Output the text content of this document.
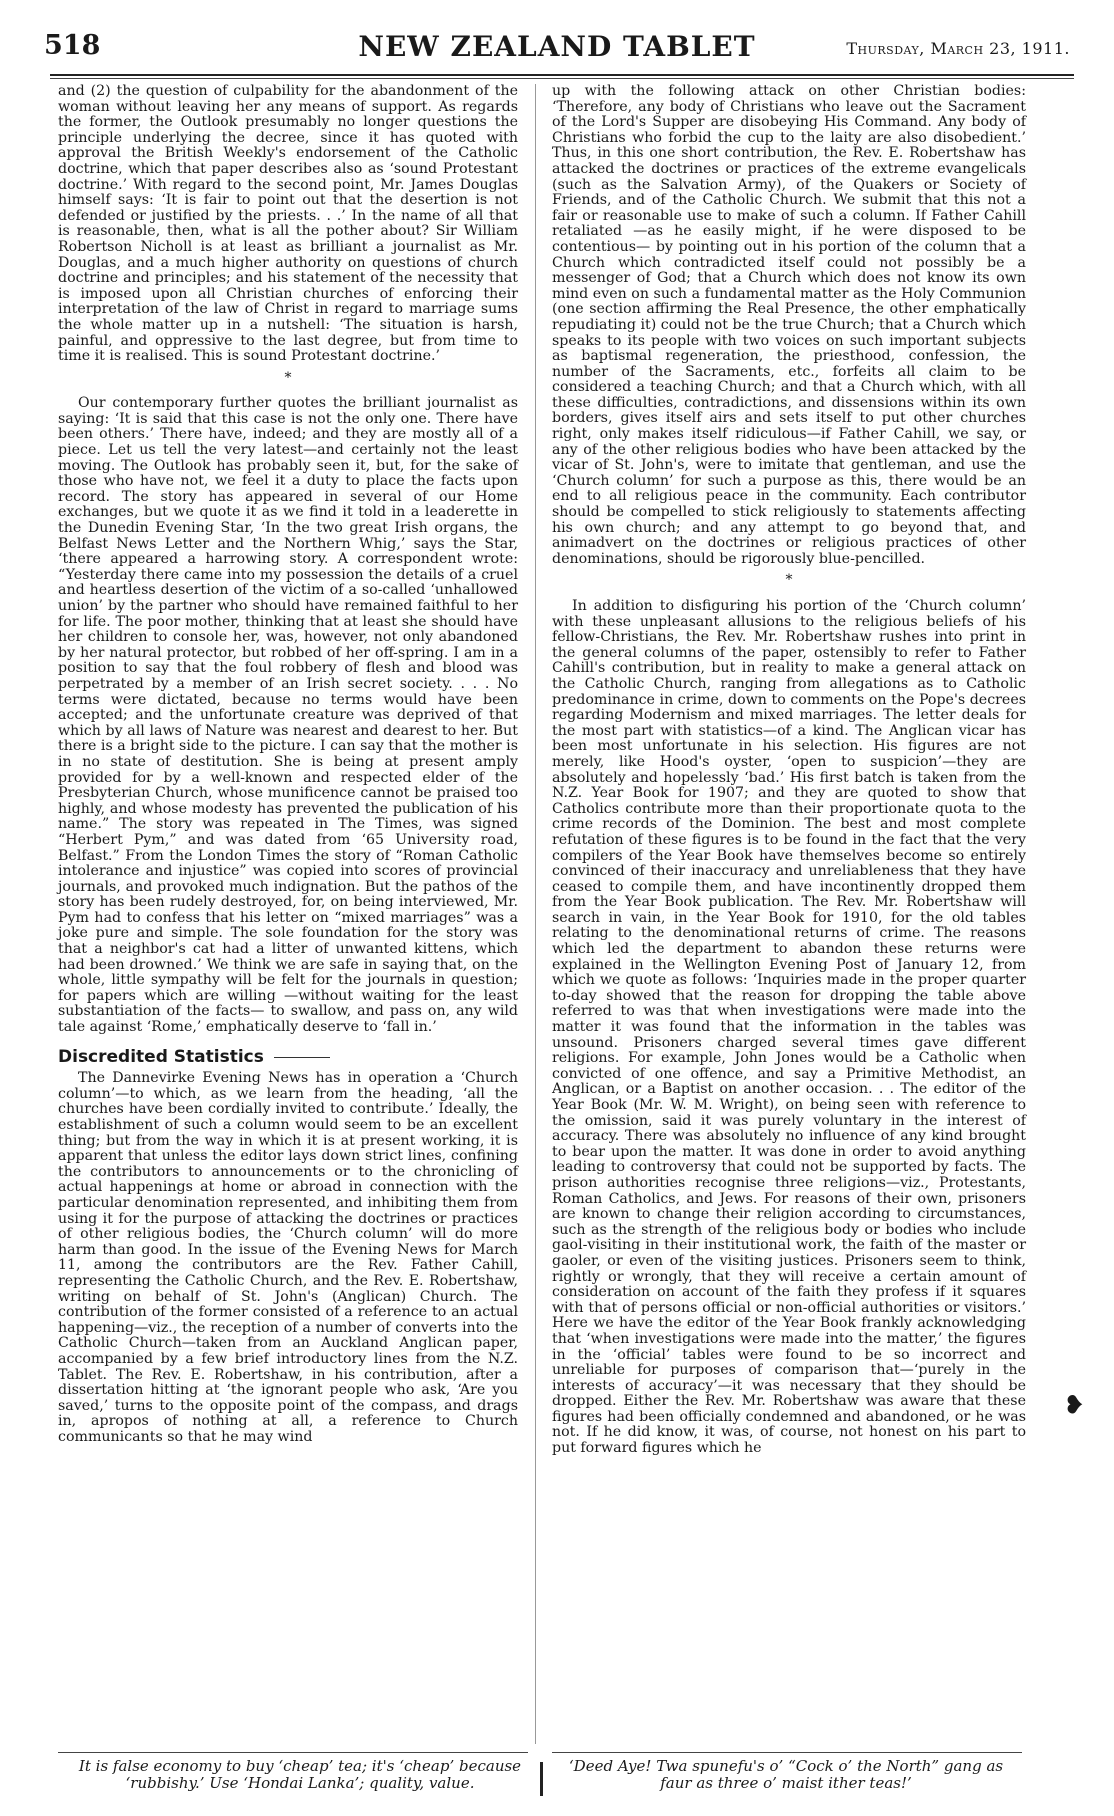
518	NEW ZEALAND TABLET	Thursday, March 23, 1911.

and (2) the question of culpability for the abandonment of the woman without leaving her any means of support. As regards the former, the Outlook presumably no longer questions the principle underlying the decree, since it has quoted with approval the British Weekly's endorsement of the Catholic doctrine, which that paper describes also as ‘sound Protestant doctrine.’ With regard to the second point, Mr. James Douglas himself says: ‘It is fair to point out that the desertion is not defended or justified by the priests. . .’ In the name of all that is reasonable, then, what is all the pother about? Sir William Robertson Nicholl is at least as brilliant a journalist as Mr. Douglas, and a much higher authority on questions of church doctrine and principles; and his statement of the necessity that is imposed upon all Christian churches of enforcing their interpretation of the law of Christ in regard to marriage sums the whole matter up in a nutshell: ‘The situation is harsh, painful, and oppressive to the last degree, but from time to time it is realised. This is sound Protestant doctrine.’

*

Our contemporary further quotes the brilliant journalist as saying: ‘It is said that this case is not the only one. There have been others.’ There have, indeed; and they are mostly all of a piece. Let us tell the very latest—and certainly not the least moving. The Outlook has probably seen it, but, for the sake of those who have not, we feel it a duty to place the facts upon record. The story has appeared in several of our Home exchanges, but we quote it as we find it told in a leaderette in the Dunedin Evening Star, ‘In the two great Irish organs, the Belfast News Letter and the Northern Whig,’ says the Star, ‘there appeared a harrowing story. A correspondent wrote: “Yesterday there came into my possession the details of a cruel and heartless desertion of the victim of a so-called ‘unhallowed union’ by the partner who should have remained faithful to her for life. The poor mother, thinking that at least she should have her children to console her, was, however, not only abandoned by her natural protector, but robbed of her off-spring. I am in a position to say that the foul robbery of flesh and blood was perpetrated by a member of an Irish secret society. . . . No terms were dictated, because no terms would have been accepted; and the unfortunate creature was deprived of that which by all laws of Nature was nearest and dearest to her. But there is a bright side to the picture. I can say that the mother is in no state of destitution. She is being at present amply provided for by a well-known and respected elder of the Presbyterian Church, whose munificence cannot be praised too highly, and whose modesty has prevented the publication of his name.” The story was repeated in The Times, was signed “Herbert Pym,” and was dated from ‘65 University road, Belfast.” From the London Times the story of “Roman Catholic intolerance and injustice” was copied into scores of provincial journals, and provoked much indignation. But the pathos of the story has been rudely destroyed, for, on being interviewed, Mr. Pym had to confess that his letter on “mixed marriages” was a joke pure and simple. The sole foundation for the story was that a neighbor's cat had a litter of unwanted kittens, which had been drowned.’ We think we are safe in saying that, on the whole, little sympathy will be felt for the journals in question; for papers which are willing —without waiting for the least substantiation of the facts— to swallow, and pass on, any wild tale against ‘Rome,’ emphatically deserve to ‘fall in.’

Discredited Statistics

The Dannevirke Evening News has in operation a ‘Church column’—to which, as we learn from the heading, ‘all the churches have been cordially invited to contribute.’ Ideally, the establishment of such a column would seem to be an excellent thing; but from the way in which it is at present working, it is apparent that unless the editor lays down strict lines, confining the contributors to announcements or to the chronicling of actual happenings at home or abroad in connection with the particular denomination represented, and inhibiting them from using it for the purpose of attacking the doctrines or practices of other religious bodies, the ‘Church column’ will do more harm than good. In the issue of the Evening News for March 11, among the contributors are the Rev. Father Cahill, representing the Catholic Church, and the Rev. E. Robertshaw, writing on behalf of St. John's (Anglican) Church. The contribution of the former consisted of a reference to an actual happening—viz., the reception of a number of converts into the Catholic Church—taken from an Auckland Anglican paper, accompanied by a few brief introductory lines from the N.Z. Tablet. The Rev. E. Robertshaw, in his contribution, after a dissertation hitting at ‘the ignorant people who ask, ‘Are you saved,’ turns to the opposite point of the compass, and drags in, apropos of nothing at all, a reference to Church communicants so that he may wind

up with the following attack on other Christian bodies: ‘Therefore, any body of Christians who leave out the Sacrament of the Lord's Supper are disobeying His Command. Any body of Christians who forbid the cup to the laity are also disobedient.’ Thus, in this one short contribution, the Rev. E. Robertshaw has attacked the doctrines or practices of the extreme evangelicals (such as the Salvation Army), of the Quakers or Society of Friends, and of the Catholic Church. We submit that this not a fair or reasonable use to make of such a column. If Father Cahill retaliated —as he easily might, if he were disposed to be contentious— by pointing out in his portion of the column that a Church which contradicted itself could not possibly be a messenger of God; that a Church which does not know its own mind even on such a fundamental matter as the Holy Communion (one section affirming the Real Presence, the other emphatically repudiating it) could not be the true Church; that a Church which speaks to its people with two voices on such important subjects as baptismal regeneration, the priesthood, confession, the number of the Sacraments, etc., forfeits all claim to be considered a teaching Church; and that a Church which, with all these difficulties, contradictions, and dissensions within its own borders, gives itself airs and sets itself to put other churches right, only makes itself ridiculous—if Father Cahill, we say, or any of the other religious bodies who have been attacked by the vicar of St. John's, were to imitate that gentleman, and use the ‘Church column’ for such a purpose as this, there would be an end to all religious peace in the community. Each contributor should be compelled to stick religiously to statements affecting his own church; and any attempt to go beyond that, and animadvert on the doctrines or religious practices of other denominations, should be rigorously blue-pencilled.

*

In addition to disfiguring his portion of the ‘Church column’ with these unpleasant allusions to the religious beliefs of his fellow-Christians, the Rev. Mr. Robertshaw rushes into print in the general columns of the paper, ostensibly to refer to Father Cahill's contribution, but in reality to make a general attack on the Catholic Church, ranging from allegations as to Catholic predominance in crime, down to comments on the Pope's decrees regarding Modernism and mixed marriages. The letter deals for the most part with statistics—of a kind. The Anglican vicar has been most unfortunate in his selection. His figures are not merely, like Hood's oyster, ‘open to suspicion’—they are absolutely and hopelessly ‘bad.’ His first batch is taken from the N.Z. Year Book for 1907; and they are quoted to show that Catholics contribute more than their proportionate quota to the crime records of the Dominion. The best and most complete refutation of these figures is to be found in the fact that the very compilers of the Year Book have themselves become so entirely convinced of their inaccuracy and unreliableness that they have ceased to compile them, and have incontinently dropped them from the Year Book publication. The Rev. Mr. Robertshaw will search in vain, in the Year Book for 1910, for the old tables relating to the denominational returns of crime. The reasons which led the department to abandon these returns were explained in the Wellington Evening Post of January 12, from which we quote as follows: ‘Inquiries made in the proper quarter to-day showed that the reason for dropping the table above referred to was that when investigations were made into the matter it was found that the information in the tables was unsound. Prisoners charged several times gave different religions. For example, John Jones would be a Catholic when convicted of one offence, and say a Primitive Methodist, an Anglican, or a Baptist on another occasion. . . The editor of the Year Book (Mr. W. M. Wright), on being seen with reference to the omission, said it was purely voluntary in the interest of accuracy. There was absolutely no influence of any kind brought to bear upon the matter. It was done in order to avoid anything leading to controversy that could not be supported by facts. The prison authorities recognise three religions—viz., Protestants, Roman Catholics, and Jews. For reasons of their own, prisoners are known to change their religion according to circumstances, such as the strength of the religious body or bodies who include gaol-visiting in their institutional work, the faith of the master or gaoler, or even of the visiting justices. Prisoners seem to think, rightly or wrongly, that they will receive a certain amount of consideration on account of the faith they profess if it squares with that of persons official or non-official authorities or visitors.’ Here we have the editor of the Year Book frankly acknowledging that ‘when investigations were made into the matter,’ the figures in the ‘official’ tables were found to be so incorrect and unreliable for purposes of comparison that—‘purely in the interests of accuracy’—it was necessary that they should be dropped. Either the Rev. Mr. Robertshaw was aware that these figures had been officially condemned and abandoned, or he was not. If he did know, it was, of course, not honest on his part to put forward figures which he

❥
It is false economy to buy ‘cheap’ tea; it's ‘cheap’ because ‘rubbishy.’ Use ‘Hondai Lanka’; quality, value.
‘Deed Aye! Twa spunefu's o’ “Cock o’ the North” gang as faur as three o’ maist ither teas!’
